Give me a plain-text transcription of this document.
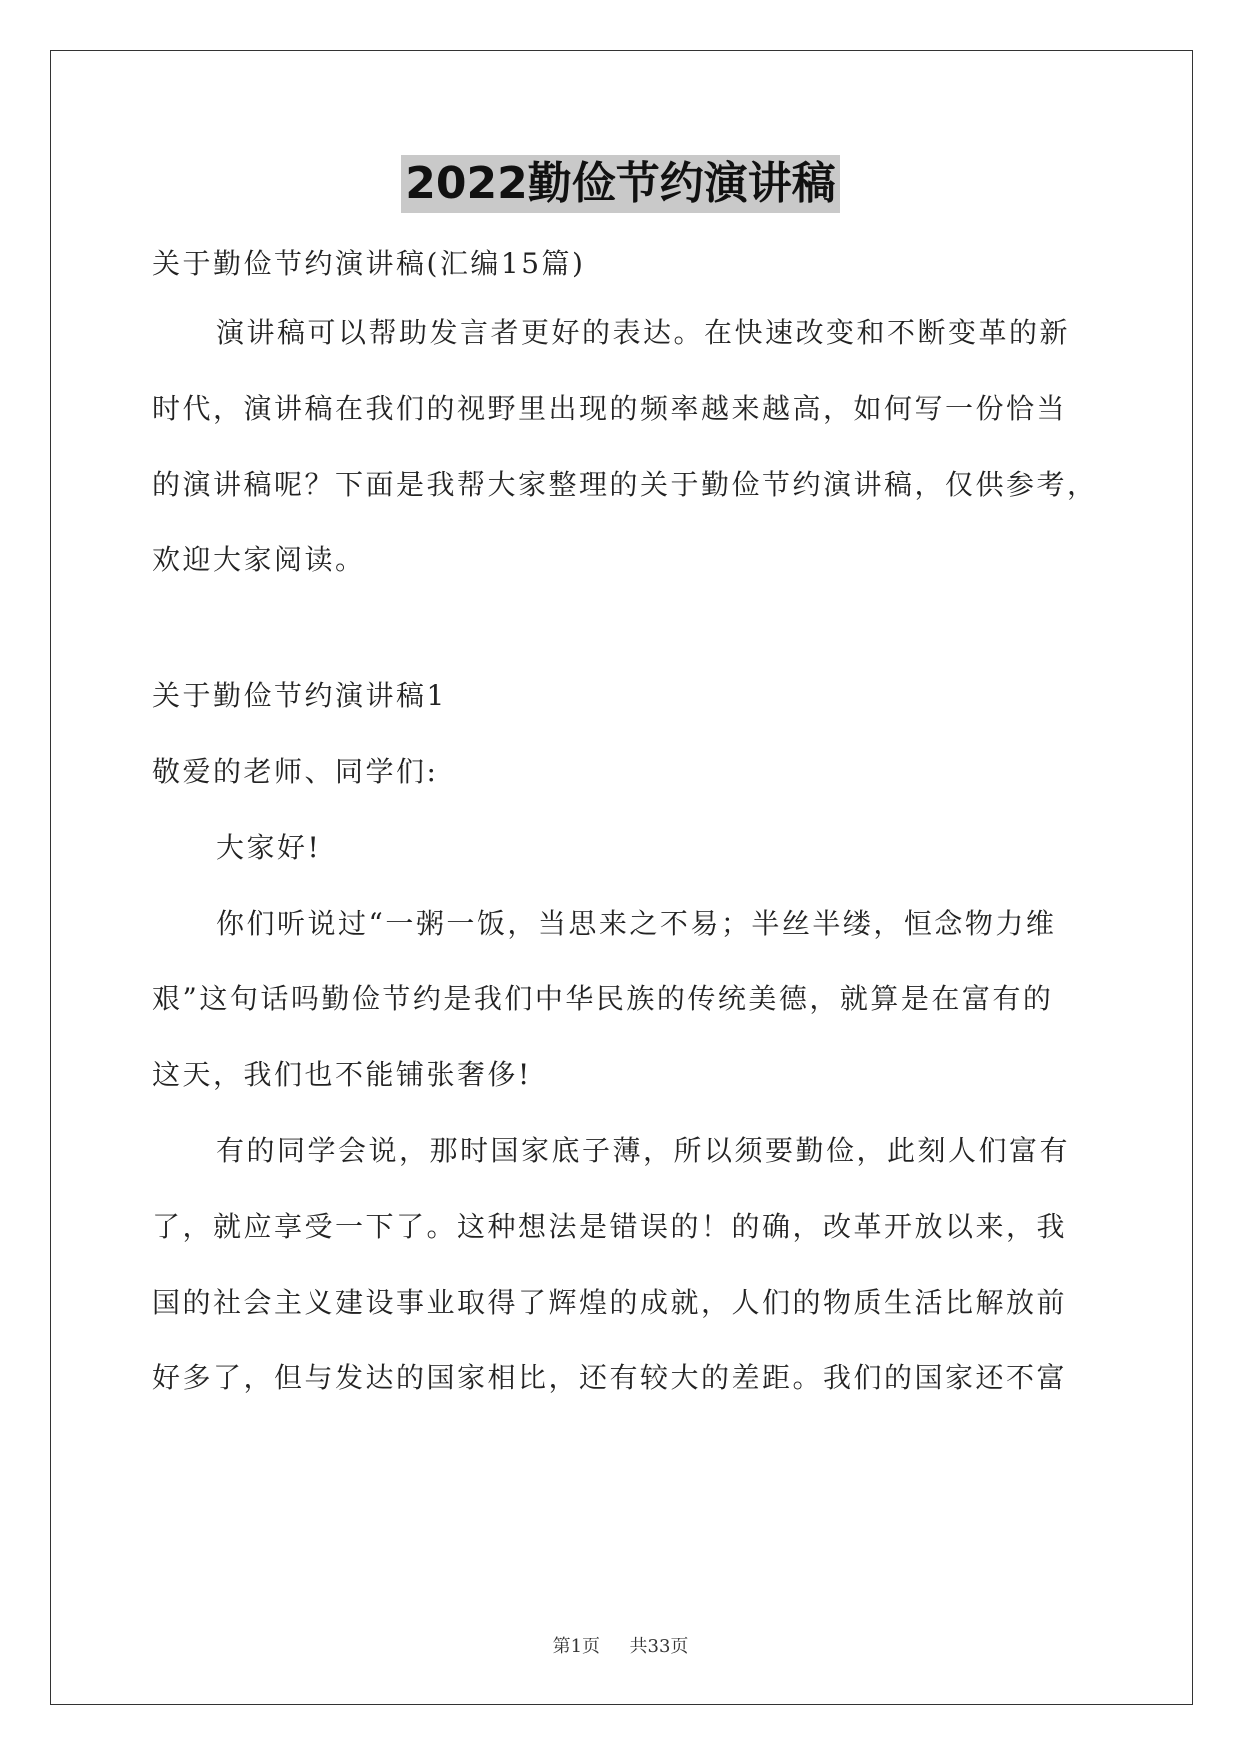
2022勤俭节约演讲稿
关于勤俭节约演讲稿(汇编15篇)
演讲稿可以帮助发言者更好的表达。在快速改变和不断变革的新
时代，演讲稿在我们的视野里出现的频率越来越高，如何写一份恰当
的演讲稿呢？下面是我帮大家整理的关于勤俭节约演讲稿，仅供参考，
欢迎大家阅读。
关于勤俭节约演讲稿1
敬爱的老师、同学们:
大家好!
你们听说过“一粥一饭，当思来之不易；半丝半缕，恒念物力维
艰”这句话吗勤俭节约是我们中华民族的传统美德，就算是在富有的
这天，我们也不能铺张奢侈!
有的同学会说，那时国家底子薄，所以须要勤俭，此刻人们富有
了，就应享受一下了。这种想法是错误的！的确，改革开放以来，我
国的社会主义建设事业取得了辉煌的成就，人们的物质生活比解放前
好多了，但与发达的国家相比，还有较大的差距。我们的国家还不富
第1页 共33页
